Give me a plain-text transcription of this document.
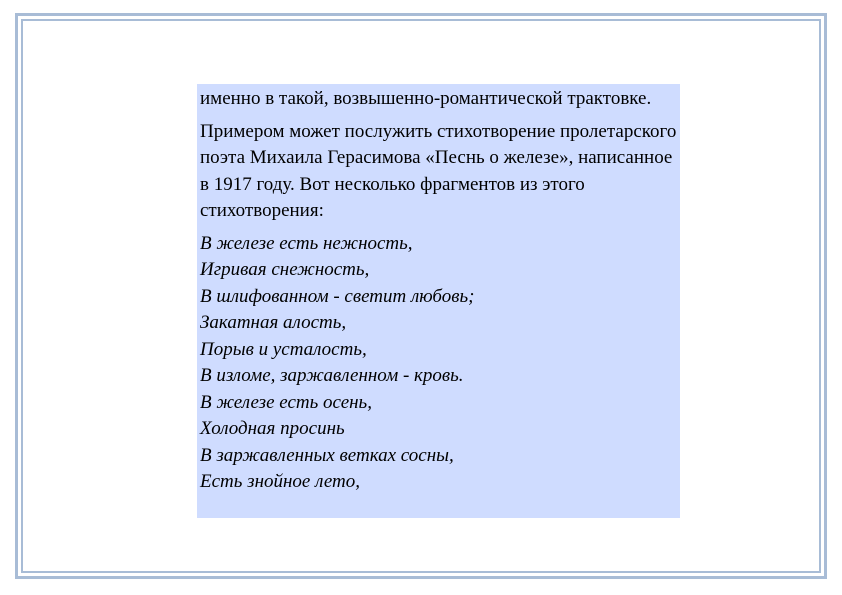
именно в такой, возвышенно-романтической трактовке.

Примером может послужить стихотворение пролетарского поэта Михаила Герасимова «Песнь о железе», написанное в 1917 году. Вот несколько фрагментов из этого стихотворения:

В железе есть нежность,
Игривая снежность,
В шлифованном - светит любовь;
Закатная алость,
Порыв и усталость,
В изломе, заржавленном - кровь.
В железе есть осень,
Холодная просинь
В заржавленных ветках сосны,
Есть знойное лето,
